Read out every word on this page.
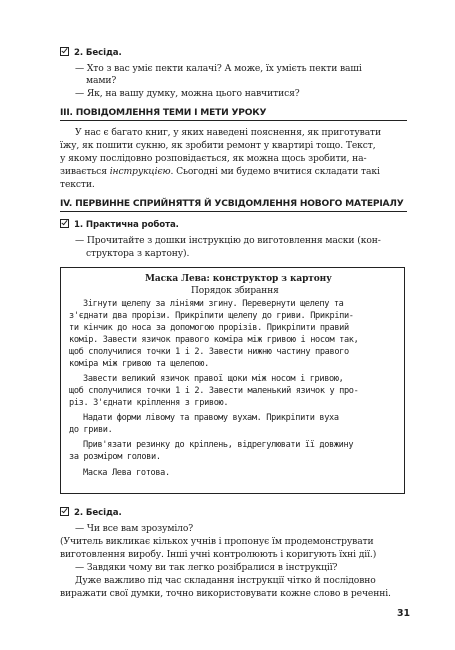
2. Бесіда.
— Хто з вас уміє пекти калачі? А може, їх умієть пекти ваші
мами?
— Як, на вашу думку, можна цього навчитися?
ІІІ. ПОВІДОМЛЕННЯ ТЕМИ І МЕТИ УРОКУ
У нас є багато книг, у яких наведені пояснення, як приготувати
їжу, як пошити сукню, як зробити ремонт у квартирі тощо. Текст,
у якому послідовно розповідається, як можна щось зробити, на-
зивається інструкцією. Сьогодні ми будемо вчитися складати такі
тексти.
IV. ПЕРВИННЕ СПРИЙНЯТТЯ Й УСВІДОМЛЕННЯ НОВОГО МАТЕРІАЛУ
1. Практична робота.
— Прочитайте з дошки інструкцію до виготовлення маски (кон-
структора з картону).
Маска Лева: конструктор з картону
Порядок збирання
Зігнути щелепу за лініями згину. Перевернути щелепу та
з'єднати два прорізи. Прикріпити щелепу до гриви. Прикріпи-
ти кінчик до носа за допомогою прорізів. Прикріпити правий
комір. Завести язичок правого коміра між гривою і носом так,
щоб сполучилися точки 1 і 2. Завести нижню частину правого
коміра між гривою та щелепою.
Завести великий язичок правої щоки між носом і гривою,
щоб сполучилися точки 1 і 2. Завести маленький язичок у про-
різ. З'єднати кріплення з гривою.
Надати форми лівому та правому вухам. Прикріпити вуха
до гриви.
Прив'язати резинку до кріплень, відрегулювати її довжину
за розміром голови.
Маска Лева готова.
2. Бесіда.
— Чи все вам зрозуміло?
(Учитель викликає кількох учнів і пропонує їм продемонструвати
виготовлення виробу. Інші учні контролюють і коригують їхні дії.)
— Завдяки чому ви так легко розібралися в інструкції?
Дуже важливо під час складання інструкції чітко й послідовно
виражати свої думки, точно використовувати кожне слово в реченні.
31
